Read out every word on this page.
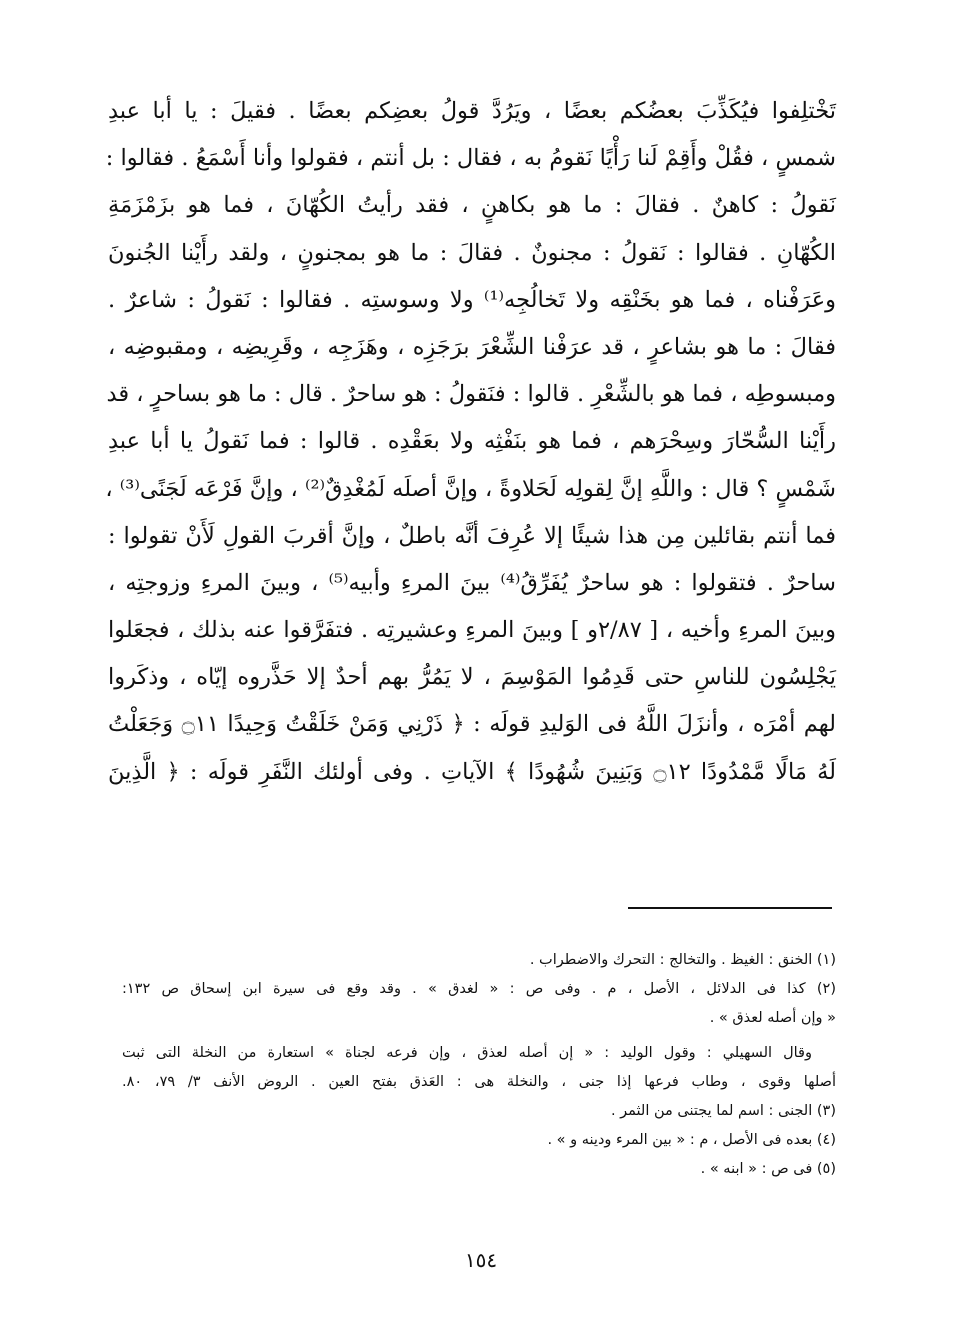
تَخْتلِفوا فيُكَذِّبَ بعضُكم بعضًا ، ويَرُدَّ قولُ بعضِكم بعضًا . فقيلَ : يا أبا عبدِ
شمسٍ ، فقُلْ وأَقِمْ لَنا رَأْيًا نَقومُ به ، فقال : بل أنتم ، فقولوا وأنا أَسْمَعُ . فقالوا :
نَقولُ : كاهنٌ . فقالَ : ما هو بكاهنٍ ، فقد رأيتُ الكُهّانَ ، فما هو بزَمْزَمَةِ
الكُهّانِ . فقالوا : نَقولُ : مجنونٌ . فقالَ : ما هو بمجنونٍ ، ولقد رأَيْنا الجُنونَ
وعَرَفْناه ، فما هو بخَنْقِه ولا تَخالُجِه⁽¹⁾ ولا وسوستِه . فقالوا : نَقولُ : شاعرٌ .
فقالَ : ما هو بشاعرٍ ، قد عرَفْنا الشِّعْرَ برَجَزِه ، وهَزَجِه ، وقَرِيضِه ، ومقبوضِه ،
ومبسوطِه ، فما هو بالشِّعْرِ . قالوا : فنَقولُ : هو ساحرٌ . قال : ما هو بساحرٍ ، قد
رأَيْنا السُّحّارَ وسِحْرَهم ، فما هو بنَفْثِه ولا بعَقْدِه . قالوا : فما نَقولُ يا أبا عبدِ
شَمْسٍ ؟ قال : واللَّهِ إنَّ لِقولِه لَحَلاوةً ، وإنَّ أصلَه لَمُغْدِقٌ⁽²⁾ ، وإنَّ فَرْعَه لَجَنًى⁽³⁾ ،
فما أنتم بقائلين مِن هذا شيئًا إلا عُرِفَ أنَّه باطلٌ ، وإنَّ أقربَ القولِ لَأَنْ تقولوا :
ساحرٌ . فتقولوا : هو ساحرٌ يُفَرِّقُ⁽⁴⁾ بينَ المرءِ وأبيه⁽⁵⁾ ، وبينَ المرءِ وزوجتِه ،
وبينَ المرءِ وأخيه ، [ ٢/٨٧و ] وبينَ المرءِ وعشيرتِه . فتفَرَّقوا عنه بذلك ، فجعَلوا
يَجْلِسُون للناسِ حتى قَدِمُوا المَوْسِمَ ، لا يَمُرُّ بهم أحدٌ إلا حَذَّروه إيّاه ، وذكَروا
لهم أمْرَه ، وأنزَلَ اللَّهُ فى الوَليدِ قولَه : ﴿ ذَرْنِي وَمَنْ خَلَقْتُ وَحِيدًا ۝١١ وَجَعَلْتُ
لَهُ مَالًا مَّمْدُودًا ۝١٢ وَبَنِينَ شُهُودًا ﴾ الآياتِ . وفى أولئك النَّفَرِ قولَه : ﴿ الَّذِينَ
(١) الخنق : الغيظ . والتخالج : التحرك والاضطراب .
(٢) كذا فى الدلائل ، الأصل ، م . وفى ص : « لغدق » . وقد وقع فى سيرة ابن إسحاق ص ١٣٢:
« وإن أصله لعذق » .
وقال السهيلي : وقول الوليد : « إن أصله لعذق ، وإن فرعه لجناة » استعارة من النخلة التى ثبت
أصلها وقوى ، وطاب فرعها إذا جنى ، والنخلة هى : العَذق بفتح العين . الروض الأنف ٣/ ٧٩، ٨٠.
(٣) الجنى : اسم لما يجتنى من الثمر .
(٤) بعده فى الأصل ، م : « بين المرء ودينه و » .
(٥) فى ص : « ابنه » .
١٥٤
